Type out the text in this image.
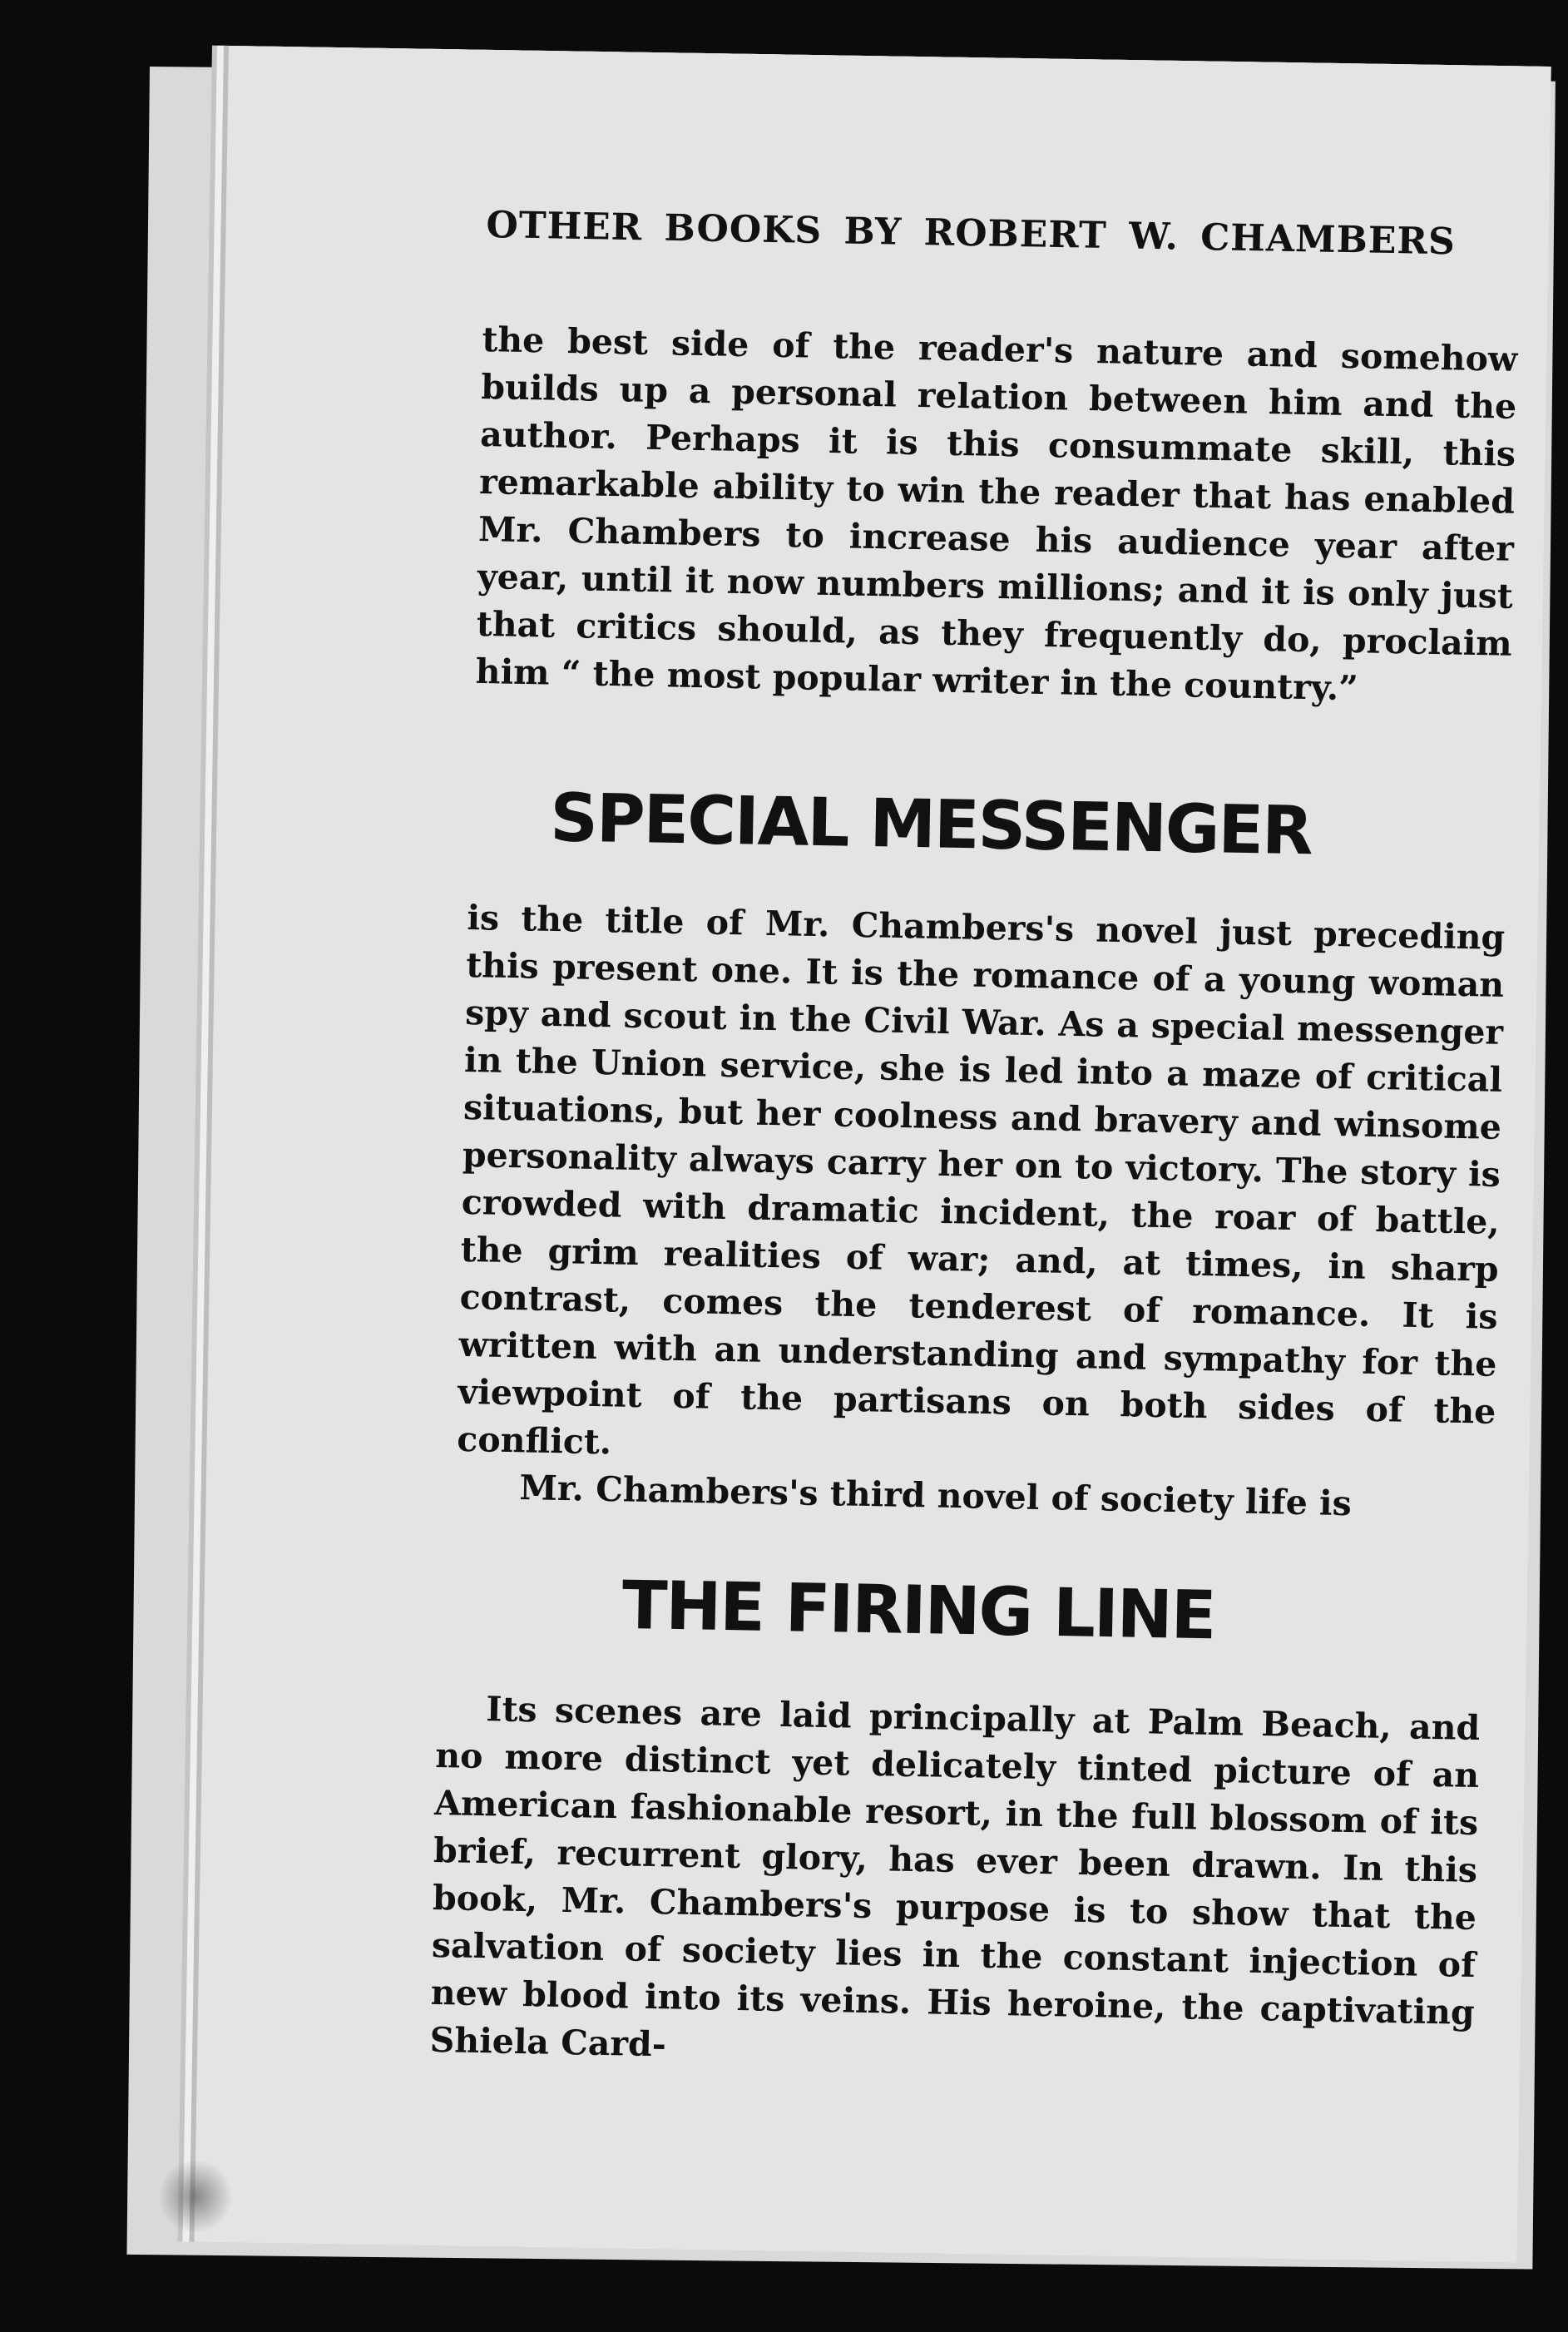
OTHER BOOKS BY ROBERT W. CHAMBERS

the best side of the reader's nature and somehow builds up a personal relation between him and the author. Perhaps it is this consummate skill, this remarkable ability to win the reader that has enabled Mr. Chambers to increase his audience year after year, until it now numbers millions; and it is only just that critics should, as they frequently do, proclaim him “ the most popular writer in the country.”

SPECIAL MESSENGER

is the title of Mr. Chambers's novel just preceding this present one. It is the romance of a young woman spy and scout in the Civil War. As a special messenger in the Union service, she is led into a maze of critical situations, but her coolness and bravery and winsome personality always carry her on to victory. The story is crowded with dramatic incident, the roar of battle, the grim realities of war; and, at times, in sharp contrast, comes the tenderest of romance. It is written with an understanding and sympathy for the viewpoint of the partisans on both sides of the conflict.

Mr. Chambers's third novel of society life is

THE FIRING LINE

Its scenes are laid principally at Palm Beach, and no more distinct yet delicately tinted picture of an American fashionable resort, in the full blossom of its brief, recurrent glory, has ever been drawn. In this book, Mr. Chambers's purpose is to show that the salvation of society lies in the constant injection of new blood into its veins. His heroine, the captivating Shiela Card-
